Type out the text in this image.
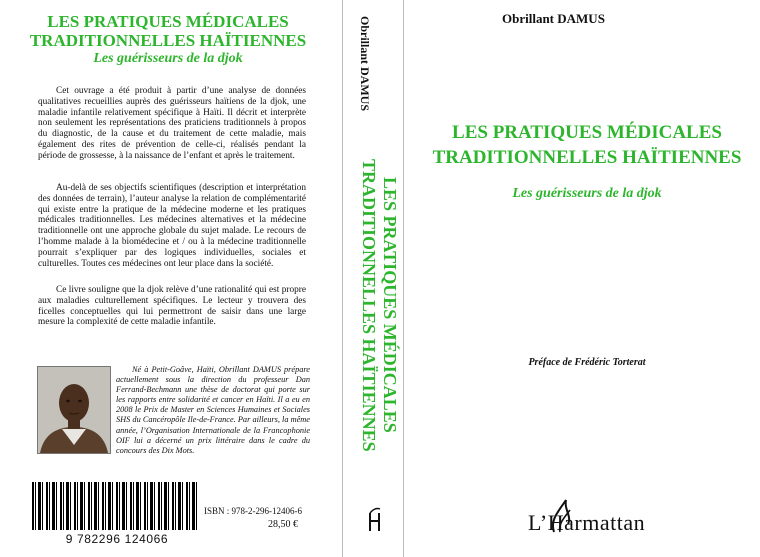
LES PRATIQUES MÉDICALES
TRADITIONNELLES HAÏTIENNES
Les guérisseurs de la djok

Cet ouvrage a été produit à partir d’une analyse de données qualitatives recueillies auprès des guérisseurs haïtiens de la djok, une maladie infantile relativement spécifique à Haïti. Il décrit et interprète non seulement les représentations des praticiens traditionnels à propos du diagnostic, de la cause et du traitement de cette maladie, mais également des rites de prévention de celle-ci, réalisés pendant la période de grossesse, à la naissance de l’enfant et après le traitement.

Au-delà de ses objectifs scientifiques (description et interprétation des données de terrain), l’auteur analyse la relation de complémentarité qui existe entre la pratique de la médecine moderne et les pratiques médicales traditionnelles. Les médecines alternatives et la médecine traditionnelle ont une approche globale du sujet malade. Le recours de l’homme malade à la biomédecine et / ou à la médecine traditionnelle pourrait s’expliquer par des logiques individuelles, sociales et culturelles. Toutes ces médecines ont leur place dans la société.

Ce livre souligne que la djok relève d’une rationalité qui est propre aux maladies culturellement spécifiques. Le lecteur y trouvera des ficelles conceptuelles qui lui permettront de saisir dans une large mesure la complexité de cette maladie infantile.

Né à Petit-Goâve, Haïti, Obrillant DAMUS prépare actuellement sous la direction du professeur Dan Ferrand-Bechmann une thèse de doctorat qui porte sur les rapports entre solidarité et cancer en Haïti. Il a eu en 2008 le Prix de Master en Sciences Humaines et Sociales SHS du Cancéropôle Ile-de-France. Par ailleurs, la même année, l’Organisation Internationale de la Francophonie OIF lui a décerné un prix littéraire dans le cadre du concours des Dix Mots.

9 782296 124066
ISBN : 978-2-296-12406-6
28,50 €
Obrillant DAMUS
LES PRATIQUES MÉDICALES
TRADITIONNELLES HAÏTIENNES
Obrillant DAMUS
LES PRATIQUES MÉDICALES
TRADITIONNELLES HAÏTIENNES
Les guérisseurs de la djok
Préface de Frédéric Torterat
L’Harmattan
